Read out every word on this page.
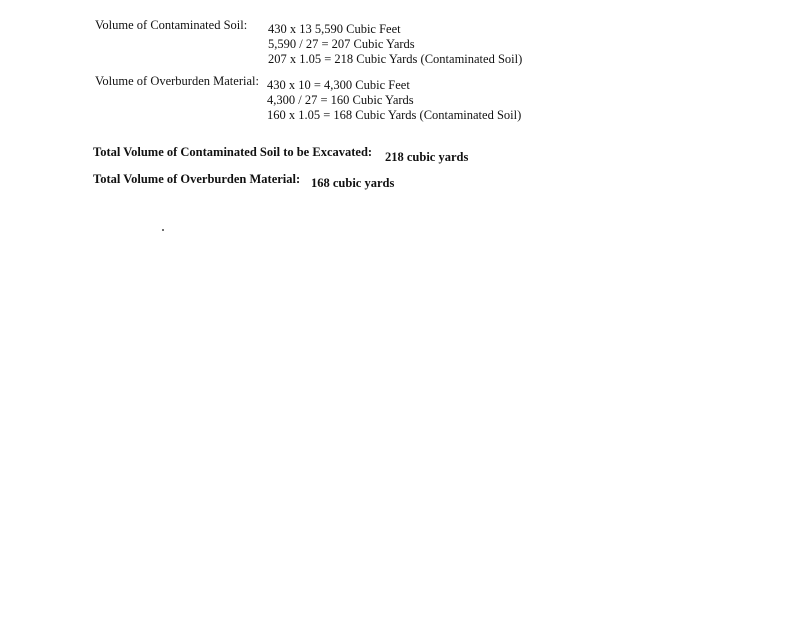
Volume of Contaminated Soil: 430 x 13 5,590 Cubic Feet
5,590 / 27 = 207 Cubic Yards
207 x 1.05 = 218 Cubic Yards (Contaminated Soil)
Volume of Overburden Material: 430 x 10 = 4,300 Cubic Feet
4,300 / 27 = 160 Cubic Yards
160 x 1.05 = 168 Cubic Yards (Contaminated Soil)
Total Volume of Contaminated Soil to be Excavated: 218 cubic yards
Total Volume of Overburden Material: 168 cubic yards
